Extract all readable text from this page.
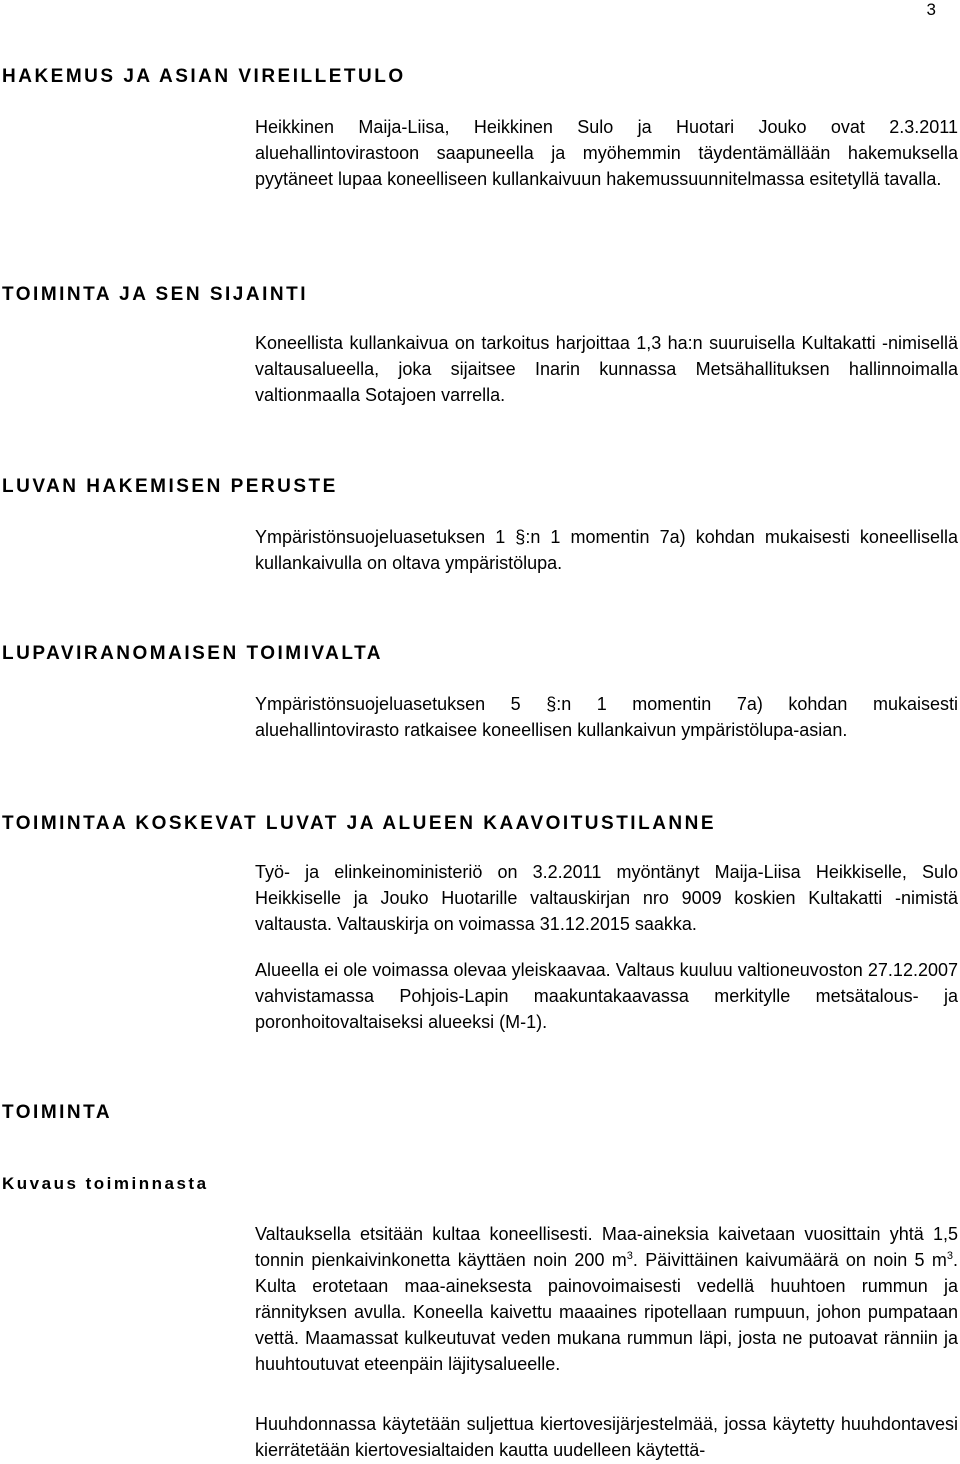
3
HAKEMUS JA ASIAN VIREILLETULO

Heikkinen Maija-Liisa, Heikkinen Sulo ja Huotari Jouko ovat 2.3.2011 aluehallintovirastoon saapuneella ja myöhemmin täydentämällään hakemuksella pyytäneet lupaa koneelliseen kullankaivuun hakemussuunnitelmassa esitetyllä tavalla.

TOIMINTA JA SEN SIJAINTI

Koneellista kullankaivua on tarkoitus harjoittaa 1,3 ha:n suuruisella Kultakatti -nimisellä valtausalueella, joka sijaitsee Inarin kunnassa Metsähallituksen hallinnoimalla valtionmaalla Sotajoen varrella.

LUVAN HAKEMISEN PERUSTE

Ympäristönsuojeluasetuksen 1 §:n 1 momentin 7a) kohdan mukaisesti koneellisella kullankaivulla on oltava ympäristölupa.

LUPAVIRANOMAISEN TOIMIVALTA

Ympäristönsuojeluasetuksen 5 §:n 1 momentin 7a) kohdan mukaisesti aluehallintovirasto ratkaisee koneellisen kullankaivun ympäristölupa-asian.

TOIMINTAA KOSKEVAT LUVAT JA ALUEEN KAAVOITUSTILANNE

Työ- ja elinkeinoministeriö on 3.2.2011 myöntänyt Maija-Liisa Heikkiselle, Sulo Heikkiselle ja Jouko Huotarille valtauskirjan nro 9009 koskien Kultakatti -nimistä valtausta. Valtauskirja on voimassa 31.12.2015 saakka.

Alueella ei ole voimassa olevaa yleiskaavaa. Valtaus kuuluu valtioneuvoston 27.12.2007 vahvistamassa Pohjois-Lapin maakuntakaavassa merkitylle metsätalous- ja poronhoitovaltaiseksi alueeksi (M-1).

TOIMINTA
Kuvaus toiminnasta

Valtauksella etsitään kultaa koneellisesti. Maa-aineksia kaivetaan vuosittain yhtä 1,5 tonnin pienkaivinkonetta käyttäen noin 200 $m^3$. Päivittäinen kaivumäärä on noin 5 $m^3$. Kulta erotetaan maa-aineksesta painovoimaisesti vedellä huuhtoen rummun ja rännityksen avulla. Koneella kaivettu maaaines ripotellaan rumpuun, johon pumpataan vettä. Maamassat kulkeutuvat veden mukana rummun läpi, josta ne putoavat ränniin ja huuhtoutuvat eteenpäin läjitysalueelle.

Huuhdonnassa käytetään suljettua kiertovesijärjestelmää, jossa käytetty huuhdontavesi kierrätetään kiertovesialtaiden kautta uudelleen käytettä-
